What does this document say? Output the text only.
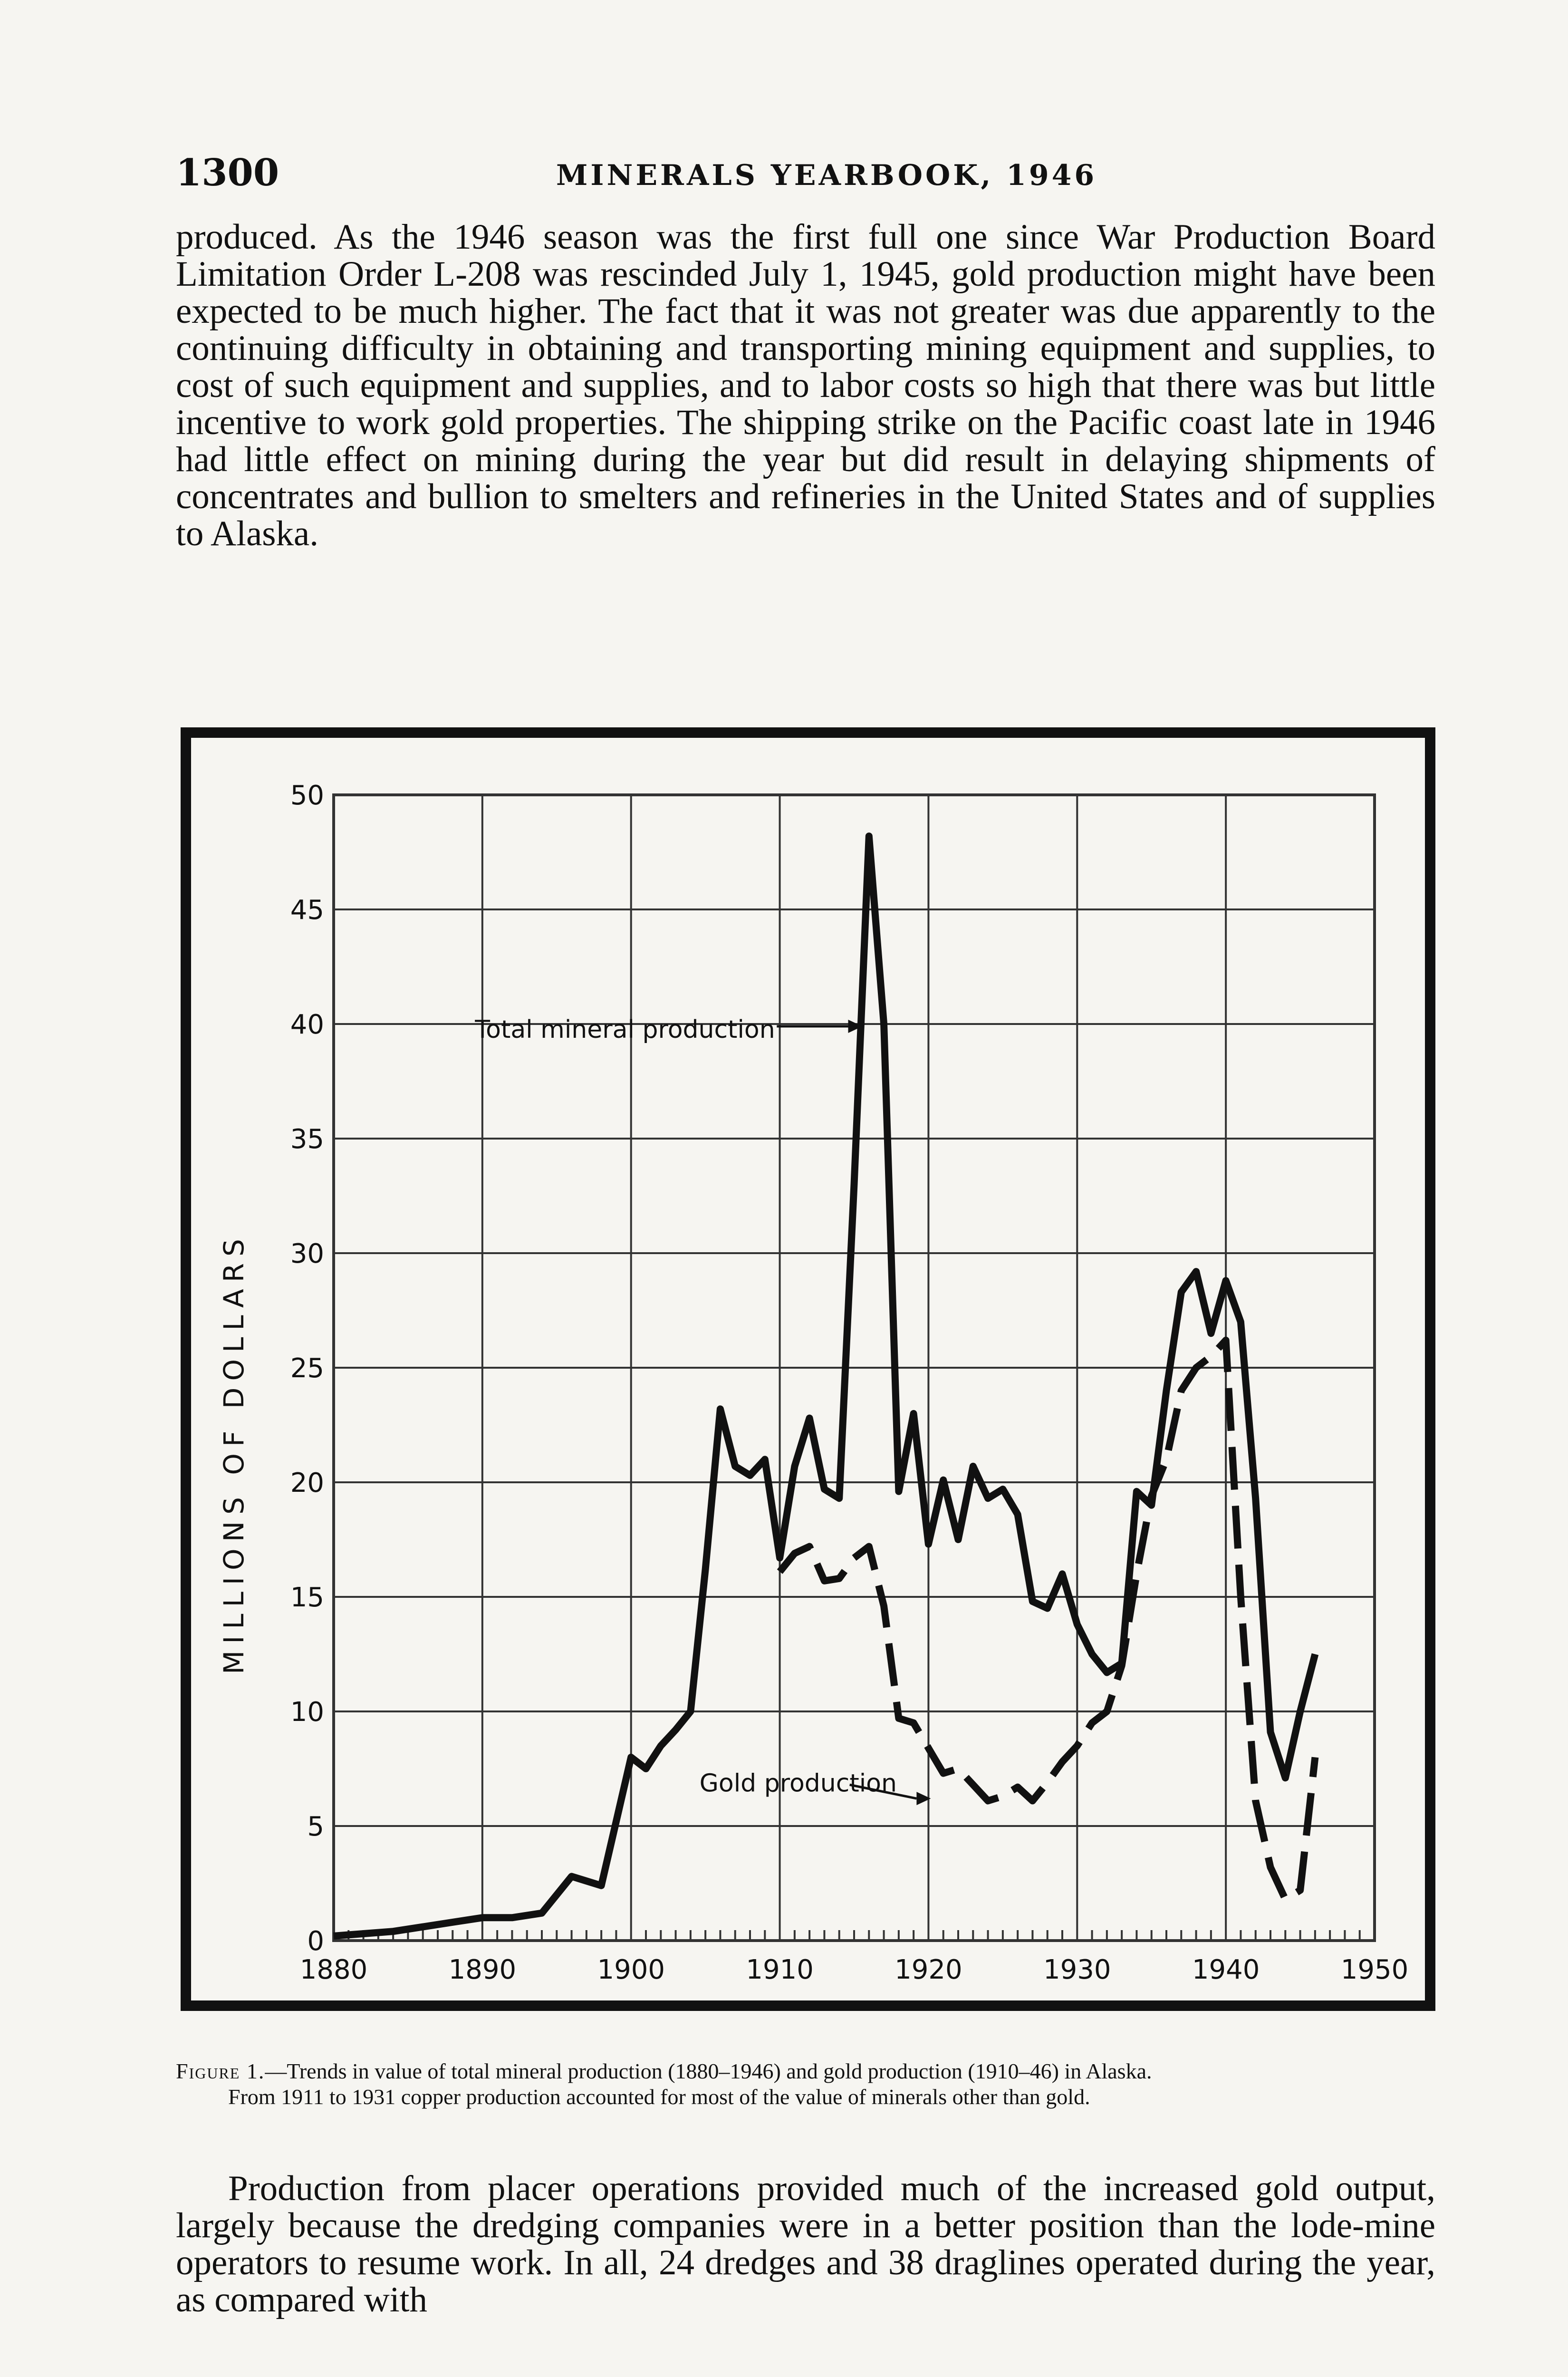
1300	MINERALS YEARBOOK, 1946

produced. As the 1946 season was the first full one since War Production Board Limitation Order L-208 was rescinded July 1, 1945, gold production might have been expected to be much higher. The fact that it was not greater was due apparently to the continuing difficulty in obtaining and transporting mining equipment and supplies, to cost of such equipment and supplies, and to labor costs so high that there was but little incentive to work gold properties. The shipping strike on the Pacific coast late in 1946 had little effect on mining during the year but did result in delaying shipments of concentrates and bullion to smelters and refineries in the United States and of supplies to Alaska.

0
5
10
15
20
25
30
35
40
45
50
1880	1890	1900	1910	1920	1930	1940	1950
MILLIONS OF DOLLARS
Total mineral production
Gold production

Figure 1.—Trends in value of total mineral production (1880–1946) and gold production (1910–46) in Alaska.
From 1911 to 1931 copper production accounted for most of the value of minerals other than gold.

Production from placer operations provided much of the increased gold output, largely because the dredging companies were in a better position than the lode-mine operators to resume work. In all, 24 dredges and 38 draglines operated during the year, as compared with
